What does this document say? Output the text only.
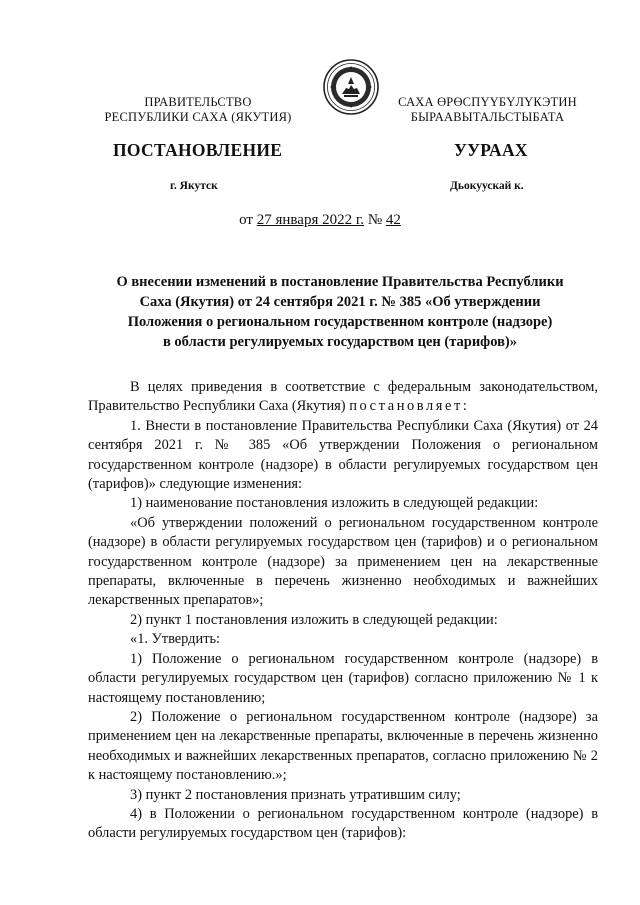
ПРАВИТЕЛЬСТВО
РЕСПУБЛИКИ САХА (ЯКУТИЯ)
САХА ӨРӨСПҮҮБҮЛҮКЭТИН
БЫРААВЫТАЛЬСТЫБАТА
ПОСТАНОВЛЕНИЕ	УУРААХ
г. Якутск	Дьокуускай к.
от 27 января 2022 г. № 42
О внесении изменений в постановление Правительства Республики
Саха (Якутия) от 24 сентября 2021 г. № 385 «Об утверждении
Положения о региональном государственном контроле (надзоре)
в области регулируемых государством цен (тарифов)»

В целях приведения в соответствие с федеральным законодательством, Правительство Республики Саха (Якутия) постановляет:

1. Внести в постановление Правительства Республики Саха (Якутия) от 24 сентября 2021 г. № 385 «Об утверждении Положения о региональном государственном контроле (надзоре) в области регулируемых государством цен (тарифов)» следующие изменения:

1) наименование постановления изложить в следующей редакции:

«Об утверждении положений о региональном государственном контроле (надзоре) в области регулируемых государством цен (тарифов) и о региональном государственном контроле (надзоре) за применением цен на лекарственные препараты, включенные в перечень жизненно необходимых и важнейших лекарственных препаратов»;

2) пункт 1 постановления изложить в следующей редакции:

«1. Утвердить:

1) Положение о региональном государственном контроле (надзоре) в области регулируемых государством цен (тарифов) согласно приложению № 1 к настоящему постановлению;

2) Положение о региональном государственном контроле (надзоре) за применением цен на лекарственные препараты, включенные в перечень жизненно необходимых и важнейших лекарственных препаратов, согласно приложению № 2 к настоящему постановлению.»;

3) пункт 2 постановления признать утратившим силу;

4) в Положении о региональном государственном контроле (надзоре) в области регулируемых государством цен (тарифов):
